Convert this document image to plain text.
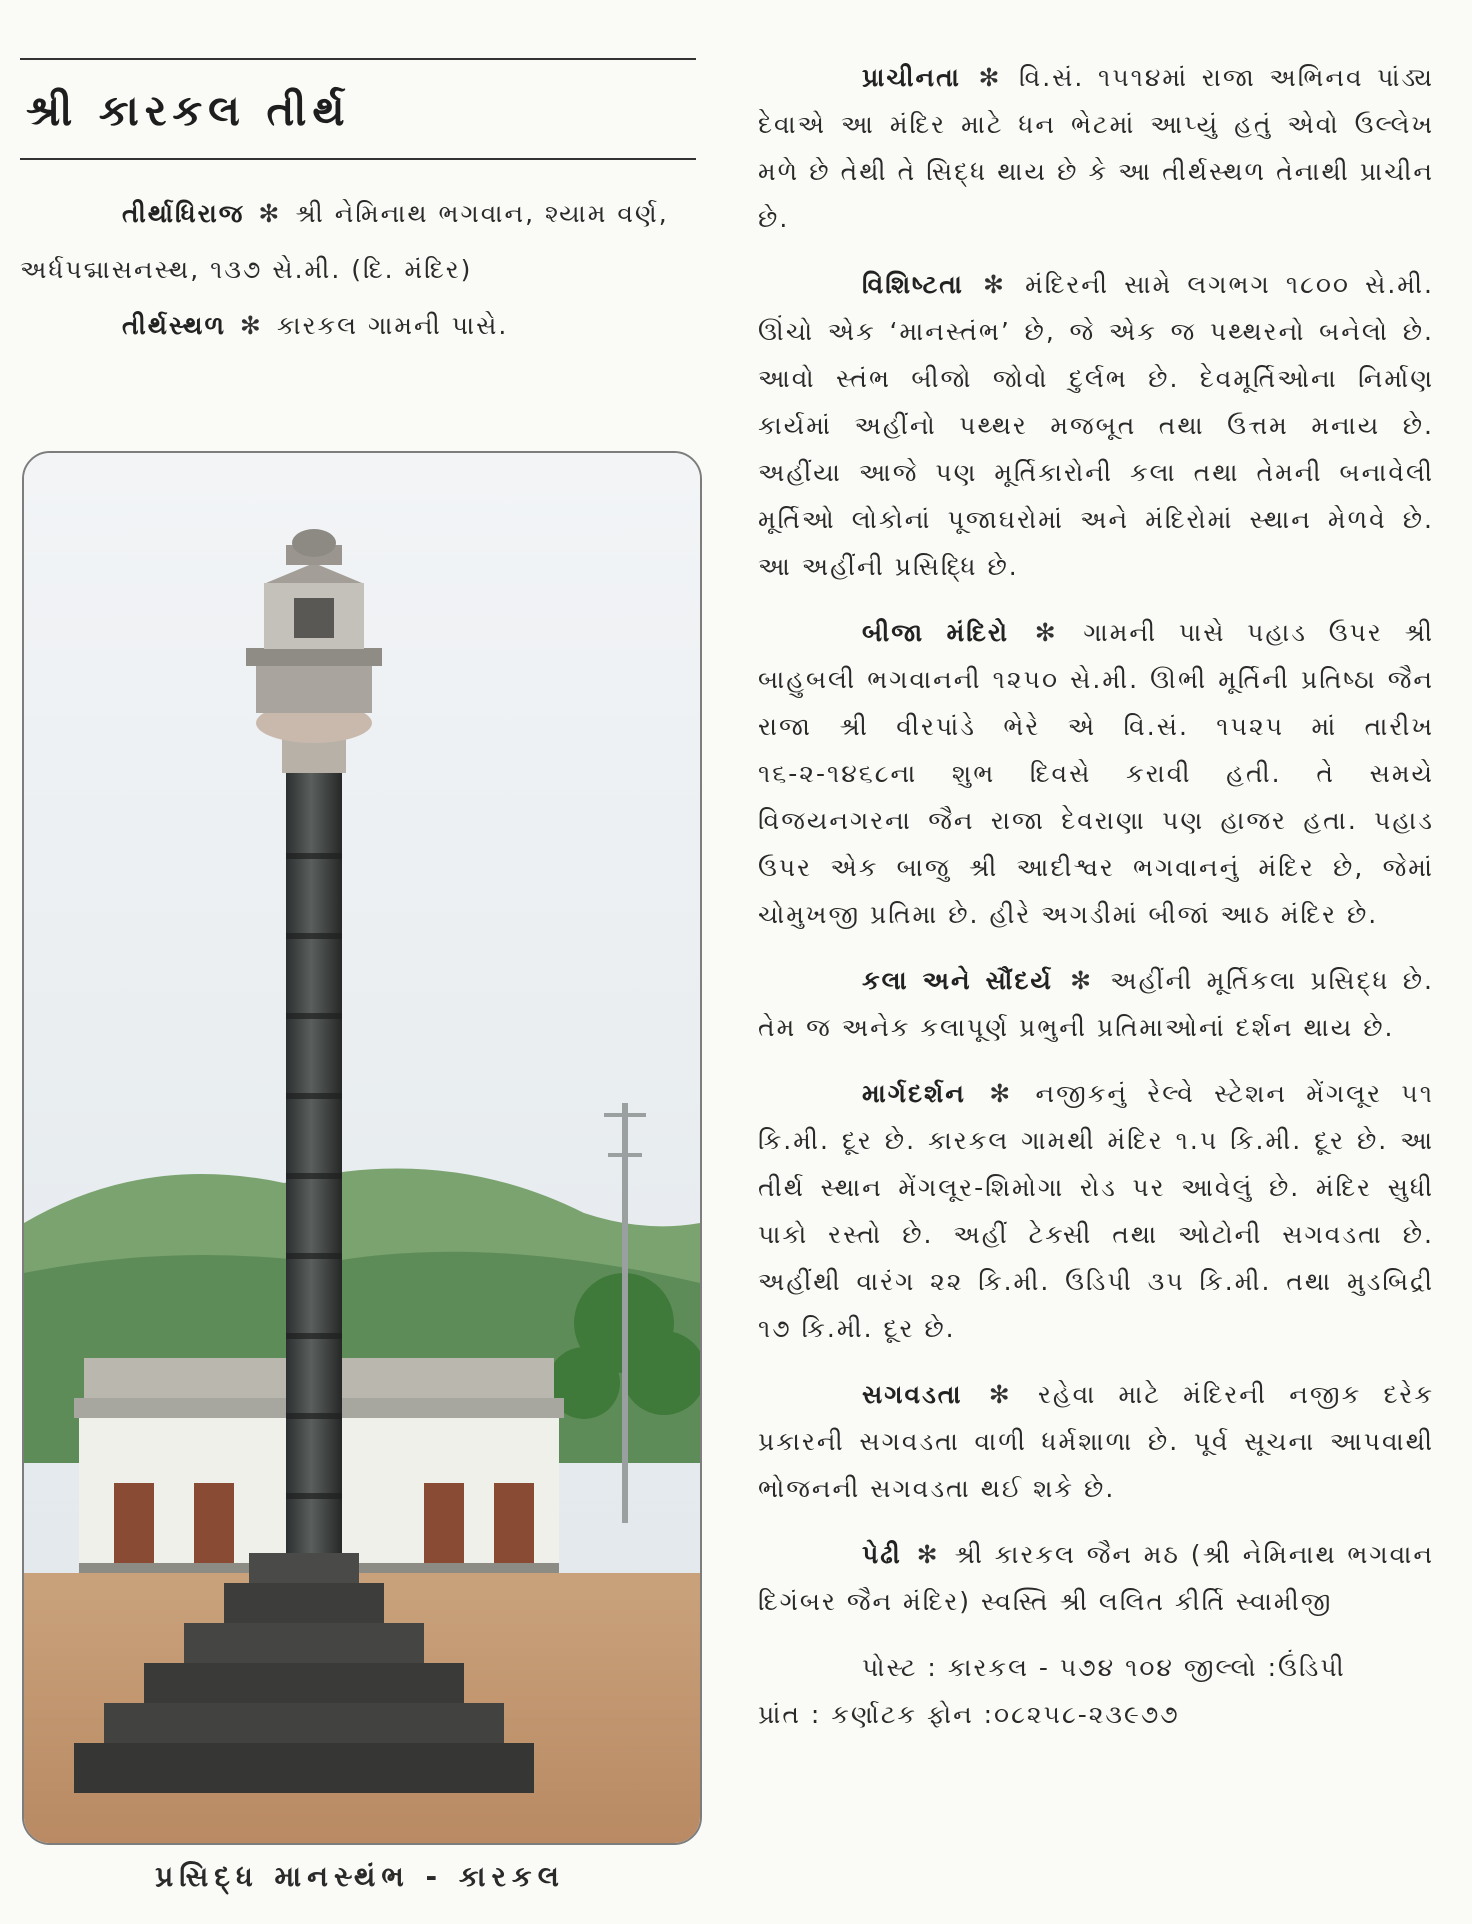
શ્રી કારકલ તીર્થ

તીર્થાધિરાજ ✻ શ્રી નેમિનાથ ભગવાન, શ્યામ વર્ણ, અર્ધપદ્માસનસ્થ, ૧૩૭ સે.મી. (દિ. મંદિર)

તીર્થસ્થળ ✻ કારકલ ગામની પાસે.

પ્રસિદ્ધ માનસ્થંભ - કારકલ

પ્રાચીનતા ✻ વિ.સં. ૧૫૧૪માં રાજા અભિનવ પાંડ્ય દેવાએ આ મંદિર માટે ધન ભેટમાં આપ્યું હતું એવો ઉલ્લેખ મળે છે તેથી તે સિદ્ધ થાય છે કે આ તીર્થસ્થળ તેનાથી પ્રાચીન છે.

વિશિષ્ટતા ✻ મંદિરની સામે લગભગ ૧૮૦૦ સે.મી. ઊંચો એક ‘માનસ્તંભ’ છે, જે એક જ પથ્થરનો બનેલો છે. આવો સ્તંભ બીજો જોવો દુર્લભ છે. દેવમૂર્તિઓના નિર્માણ કાર્યમાં અહીંનો પથ્થર મજબૂત તથા ઉત્તમ મનાય છે. અહીંયા આજે પણ મૂર્તિકારોની કલા તથા તેમની બનાવેલી મૂર્તિઓ લોકોનાં પૂજાઘરોમાં અને મંદિરોમાં સ્થાન મેળવે છે. આ અહીંની પ્રસિદ્ધિ છે.

બીજા મંદિરો ✻ ગામની પાસે પહાડ ઉપર શ્રી બાહુબલી ભગવાનની ૧૨૫૦ સે.મી. ઊભી મૂર્તિની પ્રતિષ્ઠા જૈન રાજા શ્રી વીરપાંડે ભેરે એ વિ.સં. ૧૫૨૫ માં તારીખ ૧૬-૨-૧૪૬૮ના શુભ દિવસે કરાવી હતી. તે સમયે વિજયનગરના જૈન રાજા દેવરાણા પણ હાજર હતા. પહાડ ઉપર એક બાજુ શ્રી આદીશ્વર ભગવાનનું મંદિર છે, જેમાં ચોમુખજી પ્રતિમા છે. હીરે અગડીમાં બીજાં આઠ મંદિર છે.

કલા અને સૌંદર્ય ✻ અહીંની મૂર્તિકલા પ્રસિદ્ધ છે. તેમ જ અનેક કલાપૂર્ણ પ્રભુની પ્રતિમાઓનાં દર્શન થાય છે.

માર્ગદર્શન ✻ નજીકનું રેલ્વે સ્ટેશન મેંગલૂર ૫૧ કિ.મી. દૂર છે. કારકલ ગામથી મંદિર ૧.૫ કિ.મી. દૂર છે. આ તીર્થ સ્થાન મેંગલૂર-શિમોગા રોડ પર આવેલું છે. મંદિર સુધી પાકો રસ્તો છે. અહીં ટેક્સી તથા ઓટોની સગવડતા છે. અહીંથી વારંગ ૨૨ કિ.મી. ઉડિપી ૩૫ કિ.મી. તથા મુડબિદ્રી ૧૭ કિ.મી. દૂર છે.

સગવડતા ✻ રહેવા માટે મંદિરની નજીક દરેક પ્રકારની સગવડતા વાળી ધર્મશાળા છે. પૂર્વ સૂચના આપવાથી ભોજનની સગવડતા થઈ શકે છે.

પેઢી ✻ શ્રી કારકલ જૈન મઠ (શ્રી નેમિનાથ ભગવાન દિગંબર જૈન મંદિર) સ્વસ્તિ શ્રી લલિત કીર્તિ સ્વામીજી

પોસ્ટ : કારકલ - ૫૭૪ ૧૦૪ જીલ્લો :ઉંડિપી

પ્રાંત : કર્ણાટક ફોન :૦૮૨૫૮-૨૩૯૭૭
